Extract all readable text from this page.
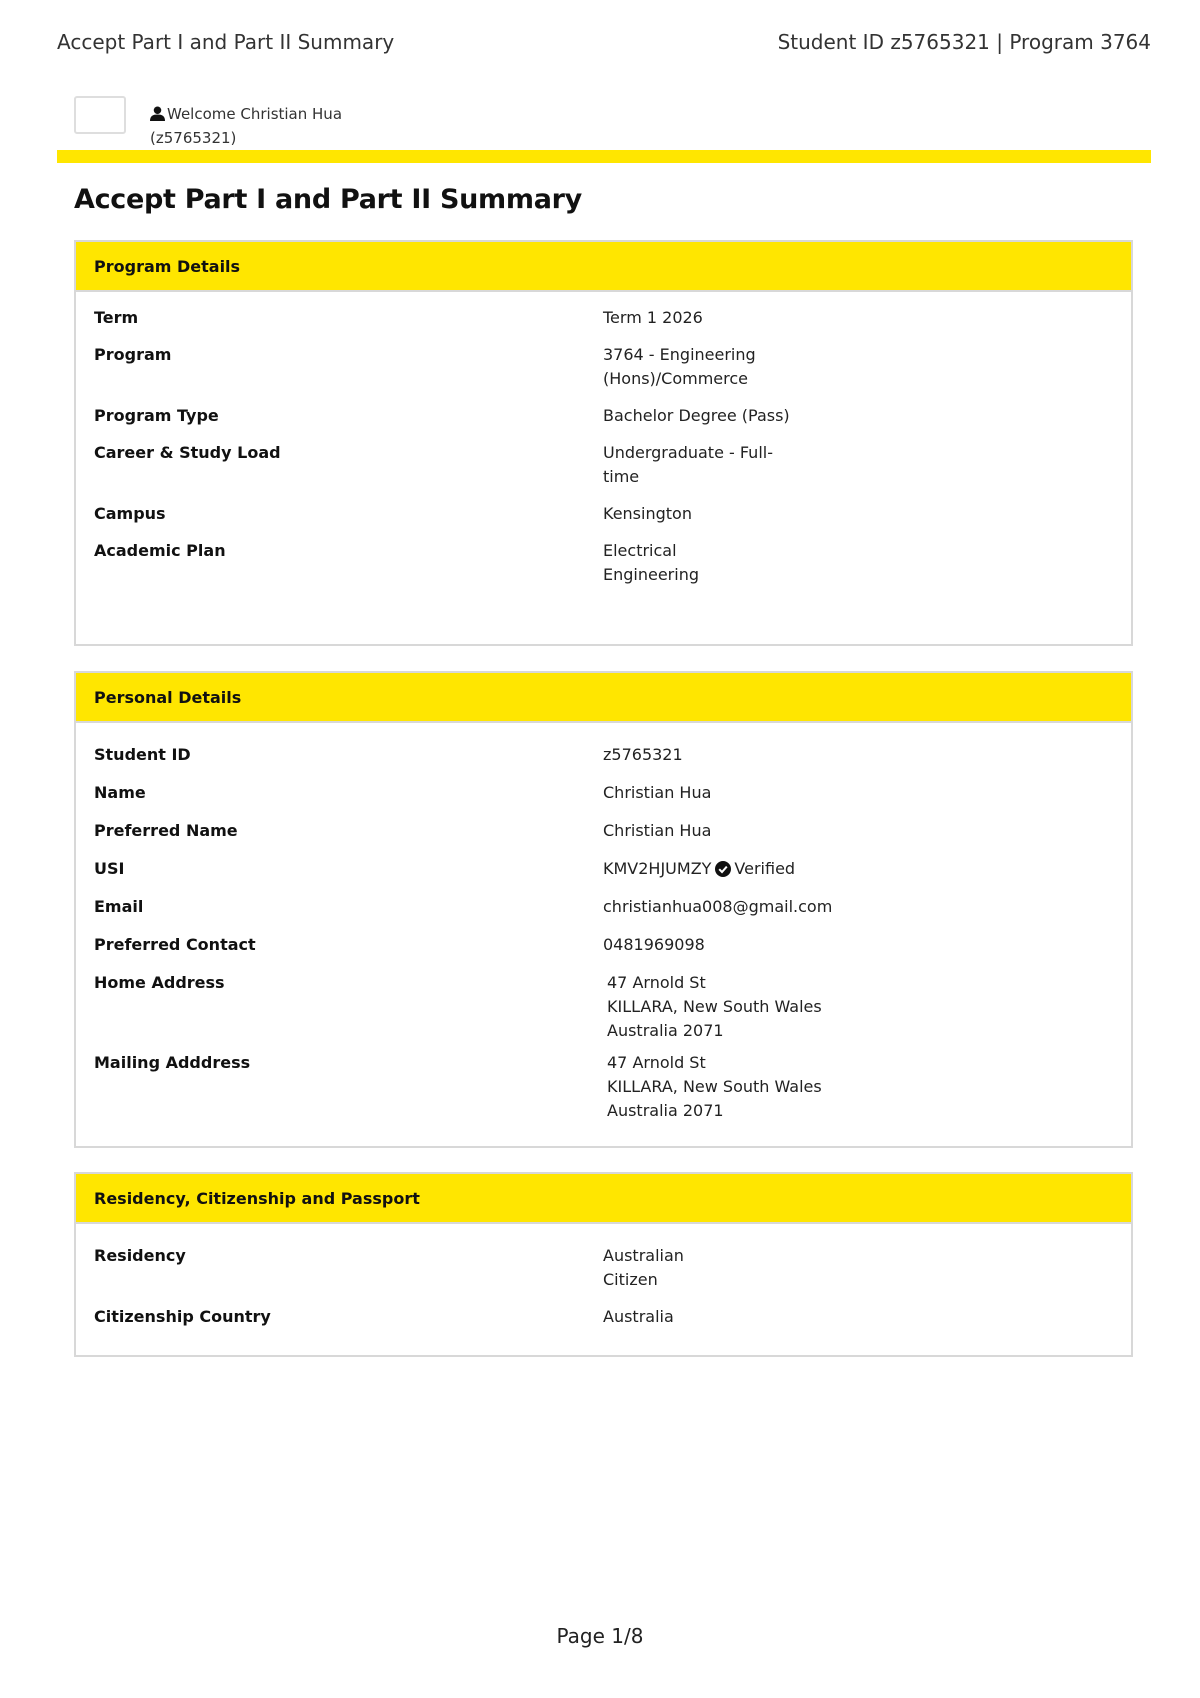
Accept Part I and Part II Summary	Student ID z5765321 | Program 3764
Welcome Christian Hua
(z5765321)
Accept Part I and Part II Summary
Program Details
Term	Term 1 2026
Program	3764 - Engineering (Hons)/Commerce
Program Type	Bachelor Degree (Pass)
Career & Study Load	Undergraduate - Full-time
Campus	Kensington
Academic Plan	Electrical Engineering
Personal Details
Student ID	z5765321
Name	Christian Hua
Preferred Name	Christian Hua
USI	KMV2HJUMZY Verified
Email	christianhua008@gmail.com
Preferred Contact	0481969098
Home Address	47 Arnold St
KILLARA, New South Wales
Australia 2071
Mailing Adddress	47 Arnold St
KILLARA, New South Wales
Australia 2071
Residency, Citizenship and Passport
Residency	Australian Citizen
Citizenship Country	Australia
Page 1/8
